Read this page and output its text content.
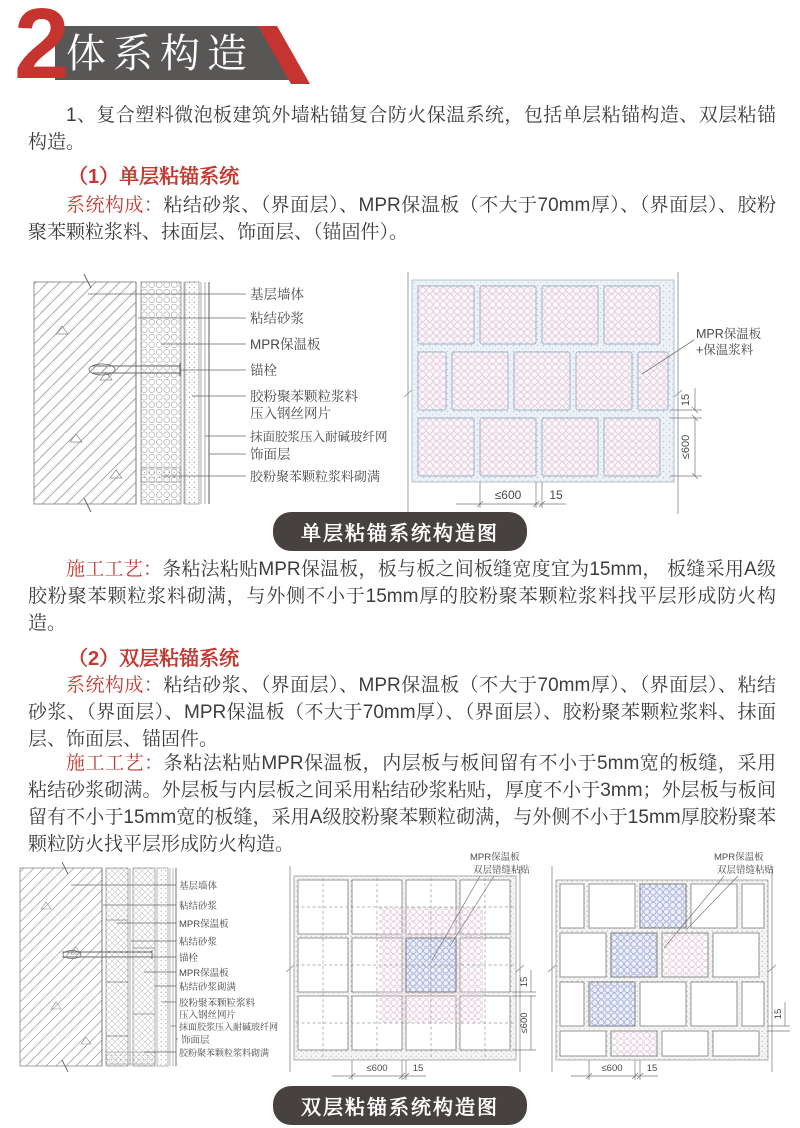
2
体系构造

1、复合塑料微泡板建筑外墙粘锚复合防火保温系统，包括单层粘锚构造、双层粘锚构造。

（1）单层粘锚系统

系统构成：粘结砂浆、（界面层）、MPR保温板（不大于70mm厚）、（界面层）、胶粉聚苯颗粒浆料、抹面层、饰面层、（锚固件）。

基层墙体
粘结砂浆
MPR保温板
锚栓
胶粉聚苯颗粒浆料
压入钢丝网片
抹面胶浆压入耐碱玻纤网
饰面层
胶粉聚苯颗粒浆料砌满
MPR保温板
+保温浆料
15
≤600
≤600 15
单层粘锚系统构造图

施工工艺：条粘法粘贴MPR保温板，板与板之间板缝宽度宜为15mm， 板缝采用A级胶粉聚苯颗粒浆料砌满，与外侧不小于15mm厚的胶粉聚苯颗粒浆料找平层形成防火构造。

（2）双层粘锚系统

系统构成：粘结砂浆、（界面层）、MPR保温板（不大于70mm厚）、（界面层）、粘结砂浆、（界面层）、MPR保温板（不大于70mm厚）、（界面层）、胶粉聚苯颗粒浆料、抹面层、饰面层、锚固件。

施工工艺：条粘法粘贴MPR保温板，内层板与板间留有不小于5mm宽的板缝，采用粘结砂浆砌满。外层板与内层板之间采用粘结砂浆粘贴，厚度不小于3mm；外层板与板间留有不小于15mm宽的板缝，采用A级胶粉聚苯颗粒砌满，与外侧不小于15mm厚胶粉聚苯颗粒防火找平层形成防火构造。

基层墙体
粘结砂浆
MPR保温板
粘结砂浆
锚栓
MPR保温板
粘结砂浆砌满
胶粉聚苯颗粒浆料
压入钢丝网片
抹面胶浆压入耐碱玻纤网
饰面层
胶粉聚苯颗粒浆料砌满
MPR保温板
双层错缝粘贴
≤600	15
15
≤600
MPR保温板
双层错缝粘贴
≤600	15
15
双层粘锚系统构造图
